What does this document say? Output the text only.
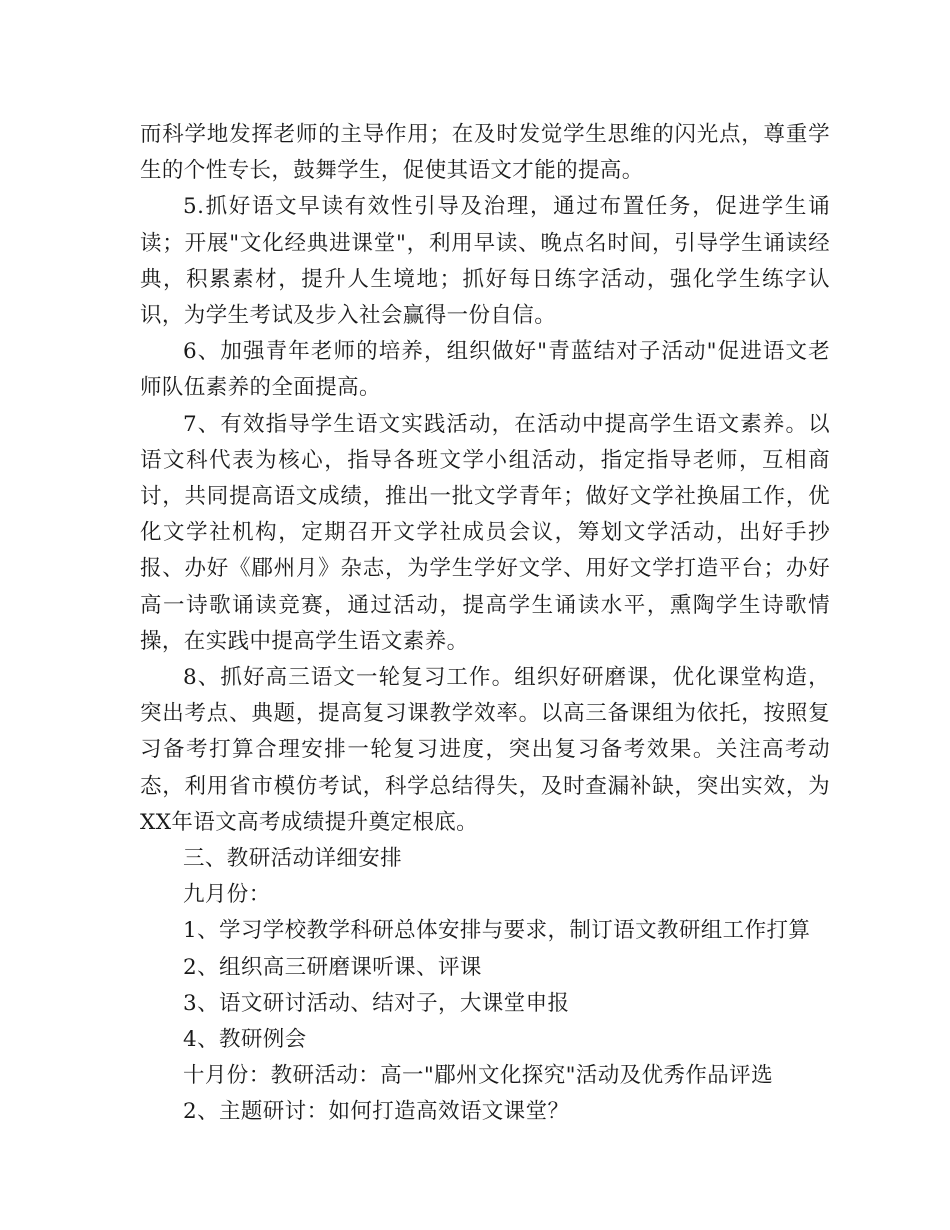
而科学地发挥老师的主导作用；在及时发觉学生思维的闪光点，尊重学生的个性专长，鼓舞学生，促使其语文才能的提高。

5.抓好语文早读有效性引导及治理，通过布置任务，促进学生诵读；开展"文化经典进课堂"，利用早读、晚点名时间，引导学生诵读经典，积累素材，提升人生境地；抓好每日练字活动，强化学生练字认识，为学生考试及步入社会赢得一份自信。

6、加强青年老师的培养，组织做好"青蓝结对子活动"促进语文老师队伍素养的全面提高。

7、有效指导学生语文实践活动，在活动中提高学生语文素养。以语文科代表为核心，指导各班文学小组活动，指定指导老师，互相商讨，共同提高语文成绩，推出一批文学青年；做好文学社换届工作，优化文学社机构，定期召开文学社成员会议，筹划文学活动，出好手抄报、办好《郿州月》杂志，为学生学好文学、用好文学打造平台；办好高一诗歌诵读竞赛，通过活动，提高学生诵读水平，熏陶学生诗歌情操，在实践中提高学生语文素养。

8、抓好高三语文一轮复习工作。组织好研磨课，优化课堂构造，突出考点、典题，提高复习课教学效率。以高三备课组为依托，按照复习备考打算合理安排一轮复习进度，突出复习备考效果。关注高考动态，利用省市模仿考试，科学总结得失，及时查漏补缺，突出实效，为XX年语文高考成绩提升奠定根底。

三、教研活动详细安排

九月份：

1、学习学校教学科研总体安排与要求，制订语文教研组工作打算

2、组织高三研磨课听课、评课

3、语文研讨活动、结对子，大课堂申报

4、教研例会

十月份：教研活动：高一"郿州文化探究"活动及优秀作品评选

2、主题研讨：如何打造高效语文课堂？
